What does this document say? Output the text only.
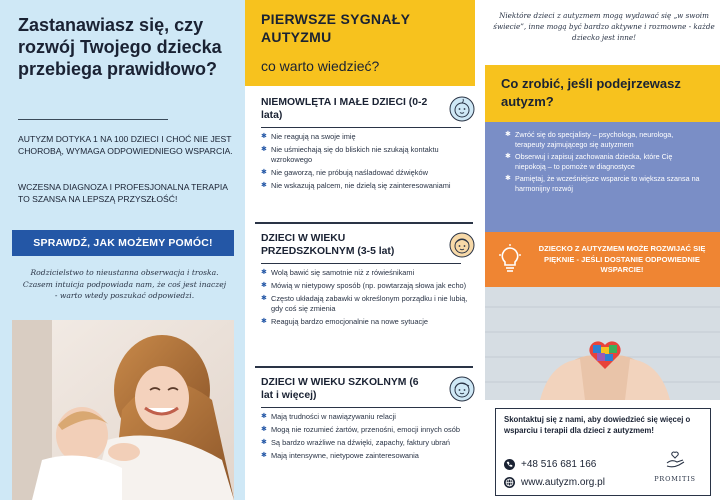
Zastanawiasz się, czy rozwój Twojego dziecka przebiega prawidłowo?
AUTYZM DOTYKA 1 NA 100 DZIECI I CHOĆ NIE JEST CHOROBĄ, WYMAGA ODPOWIEDNIEGO WSPARCIA.
WCZESNA DIAGNOZA I PROFESJONALNA TERAPIA TO SZANSA NA LEPSZĄ PRZYSZŁOŚĆ!
SPRAWDŹ, JAK MOŻEMY POMÓC!
Rodzicielstwo to nieustanna obserwacja i troska. Czasem intuicja podpowiada nam, że coś jest inaczej - warto wtedy poszukać odpowiedzi.
PIERWSZE SYGNAŁY AUTYZMU
co warto wiedzieć?
NIEMOWLĘTA I MAŁE DZIECI (0-2 lata)
✱ Nie reagują na swoje imię
✱ Nie uśmiechają się do bliskich nie szukają kontaktu wzrokowego
✱ Nie gaworzą, nie próbują naśladować dźwięków
✱ Nie wskazują palcem, nie dzielą się zainteresowaniami
DZIECI W WIEKU PRZEDSZKOLNYM (3-5 lat)
✱ Wolą bawić się samotnie niż z rówieśnikami
✱ Mówią w nietypowy sposób (np. powtarzają słowa jak echo)
✱ Często układają zabawki w określonym porządku i nie lubią, gdy coś się zmienia
✱ Reagują bardzo emocjonalnie na nowe sytuacje
DZIECI W WIEKU SZKOLNYM (6 lat i więcej)
✱ Mają trudności w nawiązywaniu relacji
✱ Mogą nie rozumieć żartów, przenośni, emocji innych osób
✱ Są bardzo wrażliwe na dźwięki, zapachy, faktury ubrań
✱ Mają intensywne, nietypowe zainteresowania
Niektóre dzieci z autyzmem mogą wydawać się „w swoim świecie”, inne mogą być bardzo aktywne i rozmowne - każde dziecko jest inne!
Co zrobić, jeśli podejrzewasz autyzm?
✱ Zwróć się do specjalisty – psychologa, neurologa, terapeuty zajmującego się autyzmem
✱ Obserwuj i zapisuj zachowania dziecka, które Cię niepokoją – to pomoże w diagnostyce
✱ Pamiętaj, że wcześniejsze wsparcie to większa szansa na harmonijny rozwój
DZIECKO Z AUTYZMEM MOŻE ROZWIJAĆ SIĘ PIĘKNIE - JEŚLI DOSTANIE ODPOWIEDNIE WSPARCIE!
Skontaktuj się z nami, aby dowiedzieć się więcej o wsparciu i terapii dla dzieci z autyzmem!
+48 516 681 166
www.autyzm.org.pl	PROMITIS
